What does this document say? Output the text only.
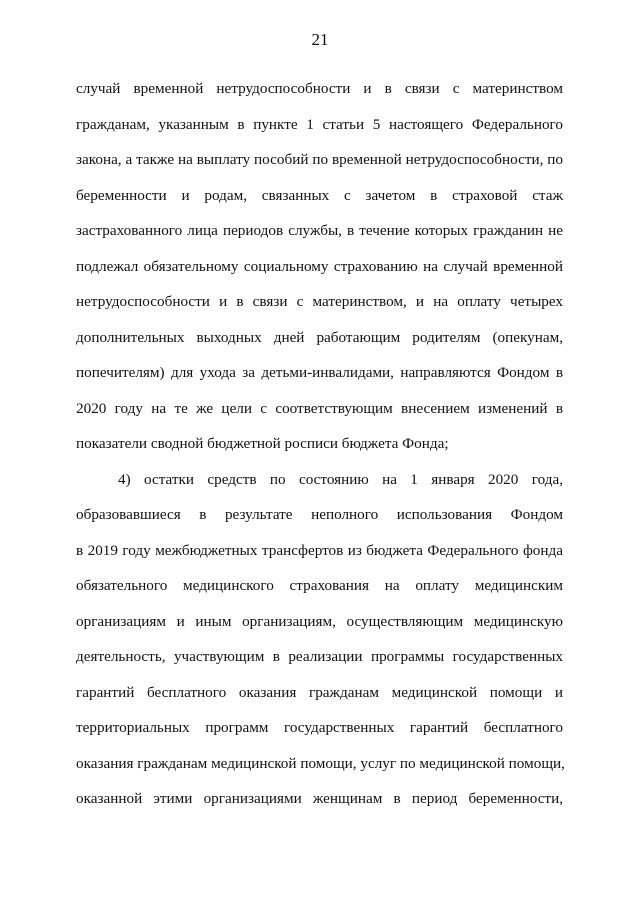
21
случай временной нетрудоспособности и в связи с материнством
гражданам, указанным в пункте 1 статьи 5 настоящего Федерального
закона, а также на выплату пособий по временной нетрудоспособности, по
беременности и родам, связанных с зачетом в страховой стаж
застрахованного лица периодов службы, в течение которых гражданин не
подлежал обязательному социальному страхованию на случай временной
нетрудоспособности и в связи с материнством, и на оплату четырех
дополнительных выходных дней работающим родителям (опекунам,
попечителям) для ухода за детьми-инвалидами, направляются Фондом в
2020 году на те же цели с соответствующим внесением изменений в
показатели сводной бюджетной росписи бюджета Фонда;
4) остатки средств по состоянию на 1 января 2020 года,
образовавшиеся в результате неполного использования Фондом
в 2019 году межбюджетных трансфертов из бюджета Федерального фонда
обязательного медицинского страхования на оплату медицинским
организациям и иным организациям, осуществляющим медицинскую
деятельность, участвующим в реализации программы государственных
гарантий бесплатного оказания гражданам медицинской помощи и
территориальных программ государственных гарантий бесплатного
оказания гражданам медицинской помощи, услуг по медицинской помощи,
оказанной этими организациями женщинам в период беременности,
